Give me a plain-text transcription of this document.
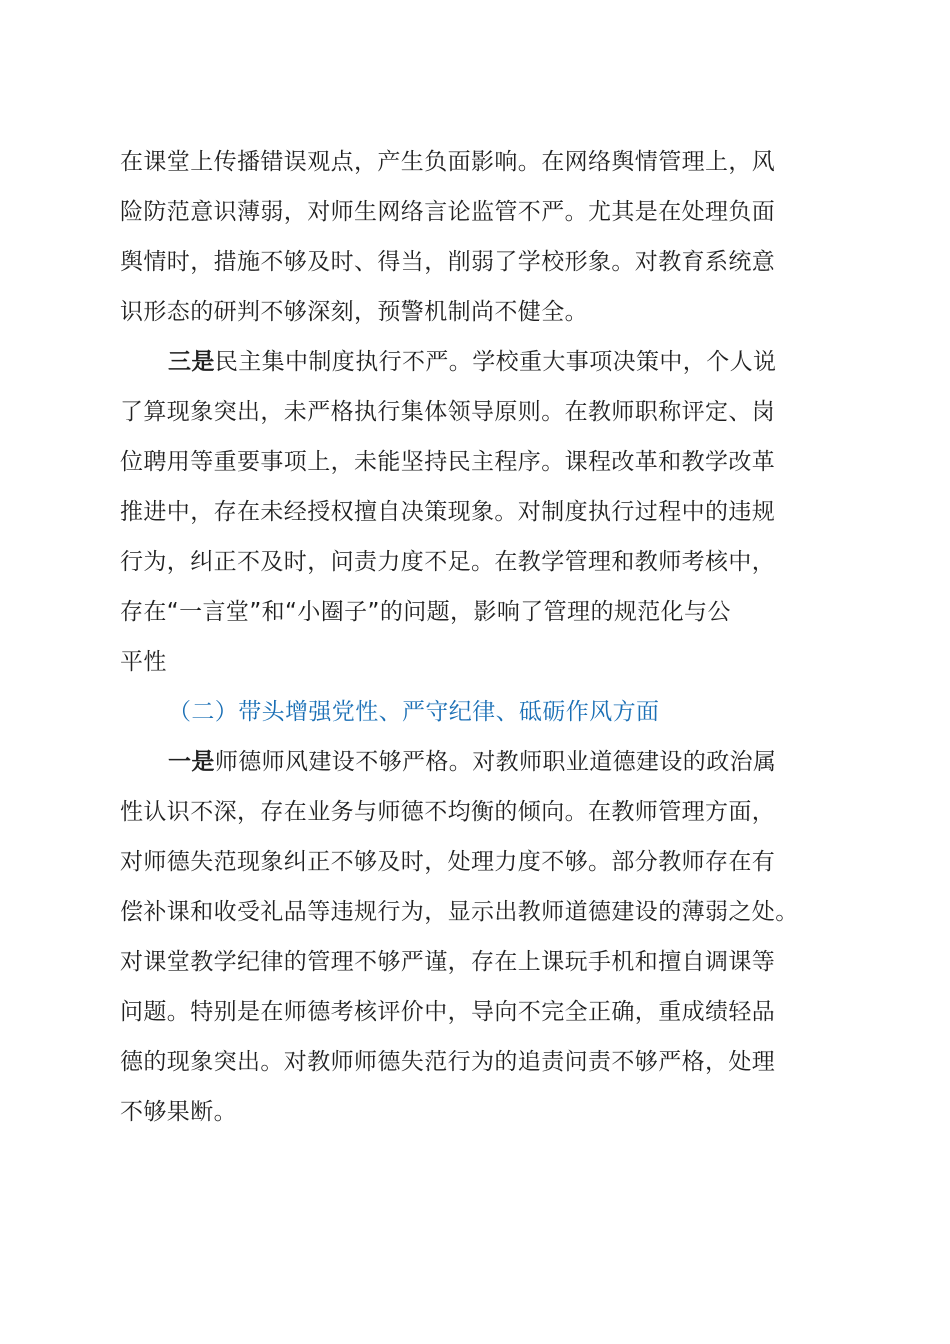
在课堂上传播错误观点，产生负面影响。在网络舆情管理上，风
险防范意识薄弱，对师生网络言论监管不严。尤其是在处理负面
舆情时，措施不够及时、得当，削弱了学校形象。对教育系统意
识形态的研判不够深刻，预警机制尚不健全。
三是民主集中制度执行不严。学校重大事项决策中，个人说
了算现象突出，未严格执行集体领导原则。在教师职称评定、岗
位聘用等重要事项上，未能坚持民主程序。课程改革和教学改革
推进中，存在未经授权擅自决策现象。对制度执行过程中的违规
行为，纠正不及时，问责力度不足。在教学管理和教师考核中，
存在“一言堂”和“小圈子”的问题，影响了管理的规范化与公
平性
（二）带头增强党性、严守纪律、砥砺作风方面
一是师德师风建设不够严格。对教师职业道德建设的政治属
性认识不深，存在业务与师德不均衡的倾向。在教师管理方面，
对师德失范现象纠正不够及时，处理力度不够。部分教师存在有
偿补课和收受礼品等违规行为，显示出教师道德建设的薄弱之处。
对课堂教学纪律的管理不够严谨，存在上课玩手机和擅自调课等
问题。特别是在师德考核评价中，导向不完全正确，重成绩轻品
德的现象突出。对教师师德失范行为的追责问责不够严格，处理
不够果断。
